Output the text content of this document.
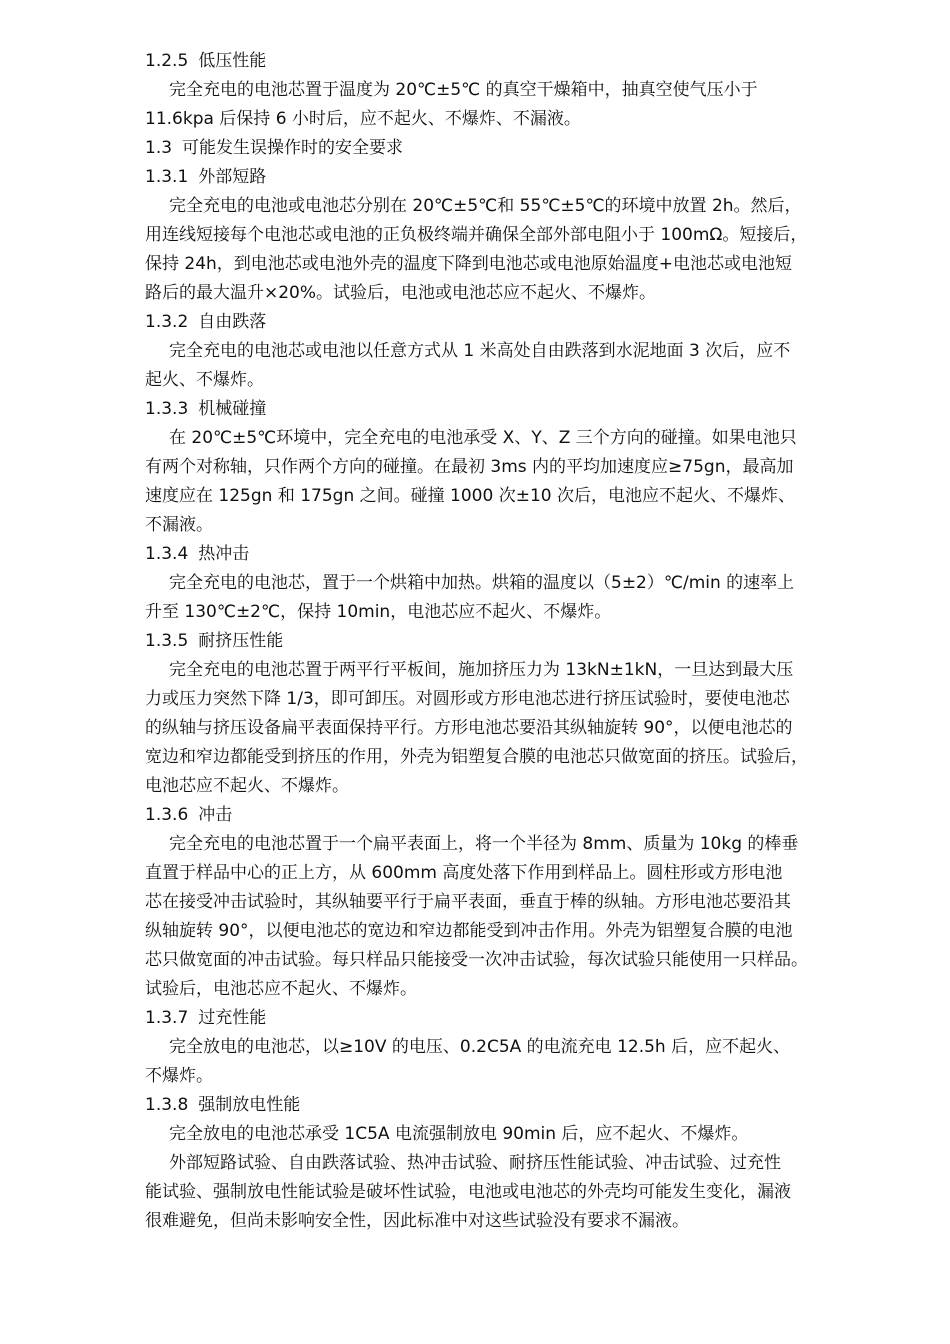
1.2.5 低压性能
完全充电的电池芯置于温度为 20℃±5℃ 的真空干燥箱中，抽真空使气压小于
11.6kpa 后保持 6 小时后，应不起火、不爆炸、不漏液。
1.3 可能发生误操作时的安全要求
1.3.1 外部短路
完全充电的电池或电池芯分别在 20℃±5℃和 55℃±5℃的环境中放置 2h。然后，
用连线短接每个电池芯或电池的正负极终端并确保全部外部电阻小于 100mΩ。短接后，
保持 24h，到电池芯或电池外壳的温度下降到电池芯或电池原始温度+电池芯或电池短
路后的最大温升×20%。试验后，电池或电池芯应不起火、不爆炸。
1.3.2 自由跌落
完全充电的电池芯或电池以任意方式从 1 米高处自由跌落到水泥地面 3 次后，应不
起火、不爆炸。
1.3.3 机械碰撞
在 20℃±5℃环境中，完全充电的电池承受 X、Y、Z 三个方向的碰撞。如果电池只
有两个对称轴，只作两个方向的碰撞。在最初 3ms 内的平均加速度应≥75gn，最高加
速度应在 125gn 和 175gn 之间。碰撞 1000 次±10 次后，电池应不起火、不爆炸、
不漏液。
1.3.4 热冲击
完全充电的电池芯，置于一个烘箱中加热。烘箱的温度以（5±2）℃/min 的速率上
升至 130℃±2℃，保持 10min，电池芯应不起火、不爆炸。
1.3.5 耐挤压性能
完全充电的电池芯置于两平行平板间，施加挤压力为 13kN±1kN，一旦达到最大压
力或压力突然下降 1/3，即可卸压。对圆形或方形电池芯进行挤压试验时，要使电池芯
的纵轴与挤压设备扁平表面保持平行。方形电池芯要沿其纵轴旋转 90°，以便电池芯的
宽边和窄边都能受到挤压的作用，外壳为铝塑复合膜的电池芯只做宽面的挤压。试验后，
电池芯应不起火、不爆炸。
1.3.6 冲击
完全充电的电池芯置于一个扁平表面上，将一个半径为 8mm、质量为 10kg 的棒垂
直置于样品中心的正上方，从 600mm 高度处落下作用到样品上。圆柱形或方形电池
芯在接受冲击试验时，其纵轴要平行于扁平表面，垂直于棒的纵轴。方形电池芯要沿其
纵轴旋转 90°，以便电池芯的宽边和窄边都能受到冲击作用。外壳为铝塑复合膜的电池
芯只做宽面的冲击试验。每只样品只能接受一次冲击试验，每次试验只能使用一只样品。
试验后，电池芯应不起火、不爆炸。
1.3.7 过充性能
完全放电的电池芯，以≥10V 的电压、0.2C5A 的电流充电 12.5h 后，应不起火、
不爆炸。
1.3.8 强制放电性能
完全放电的电池芯承受 1C5A 电流强制放电 90min 后，应不起火、不爆炸。
外部短路试验、自由跌落试验、热冲击试验、耐挤压性能试验、冲击试验、过充性
能试验、强制放电性能试验是破坏性试验，电池或电池芯的外壳均可能发生变化，漏液
很难避免，但尚未影响安全性，因此标准中对这些试验没有要求不漏液。
